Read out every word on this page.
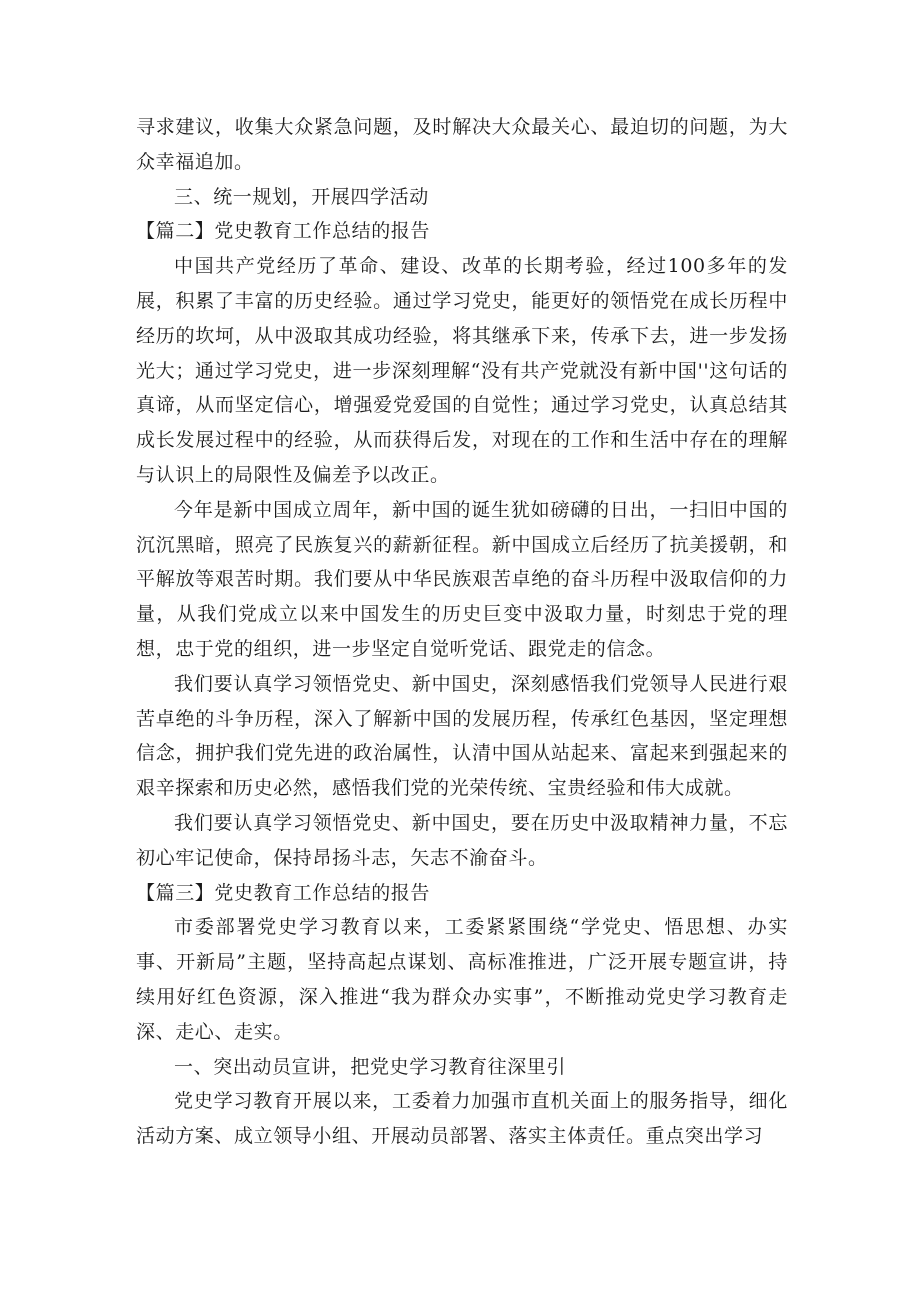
寻求建议，收集大众紧急问题，及时解决大众最关心、最迫切的问题，为大众幸福追加。

三、统一规划，开展四学活动

【篇二】党史教育工作总结的报告

中国共产党经历了革命、建设、改革的长期考验，经过100多年的发展，积累了丰富的历史经验。通过学习党史，能更好的领悟党在成长历程中经历的坎坷，从中汲取其成功经验，将其继承下来，传承下去，进一步发扬光大；通过学习党史，进一步深刻理解“没有共产党就没有新中国''这句话的真谛，从而坚定信心，增强爱党爱国的自觉性；通过学习党史，认真总结其成长发展过程中的经验，从而获得后发，对现在的工作和生活中存在的理解与认识上的局限性及偏差予以改正。

今年是新中国成立周年，新中国的诞生犹如磅礴的日出，一扫旧中国的沉沉黑暗，照亮了民族复兴的薪新征程。新中国成立后经历了抗美援朝，和平解放等艰苦时期。我们要从中华民族艰苦卓绝的奋斗历程中汲取信仰的力量，从我们党成立以来中国发生的历史巨变中汲取力量，时刻忠于党的理想，忠于党的组织，进一步坚定自觉听党话、跟党走的信念。

我们要认真学习领悟党史、新中国史，深刻感悟我们党领导人民进行艰苦卓绝的斗争历程，深入了解新中国的发展历程，传承红色基因，坚定理想信念，拥护我们党先进的政治属性，认清中国从站起来、富起来到强起来的艰辛探索和历史必然，感悟我们党的光荣传统、宝贵经验和伟大成就。

我们要认真学习领悟党史、新中国史，要在历史中汲取精神力量，不忘初心牢记使命，保持昂扬斗志，矢志不渝奋斗。

【篇三】党史教育工作总结的报告

市委部署党史学习教育以来，工委紧紧围绕“学党史、悟思想、办实事、开新局”主题，坚持高起点谋划、高标准推进，广泛开展专题宣讲，持续用好红色资源，深入推进“我为群众办实事”，不断推动党史学习教育走深、走心、走实。

一、突出动员宣讲，把党史学习教育往深里引

党史学习教育开展以来，工委着力加强市直机关面上的服务指导，细化活动方案、成立领导小组、开展动员部署、落实主体责任。重点突出学习
